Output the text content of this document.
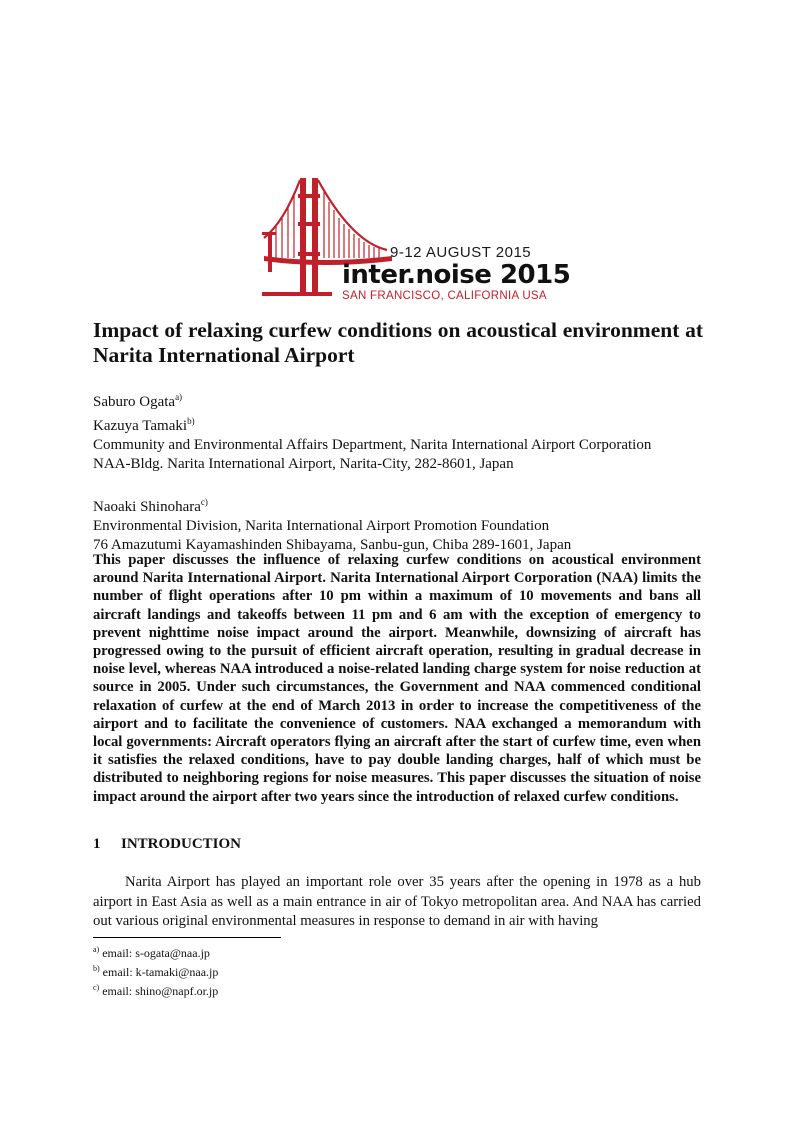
9-12 AUGUST 2015
inter.noise 2015
SAN FRANCISCO, CALIFORNIA USA
Impact of relaxing curfew conditions on acoustical environment at Narita International Airport

Saburo Ogata$^{a)}$

Kazuya Tamaki$^{b)}$

Community and Environmental Affairs Department, Narita International Airport Corporation

NAA-Bldg. Narita International Airport, Narita-City, 282-8601, Japan

Naoaki Shinohara$^{c)}$

Environmental Division, Narita International Airport Promotion Foundation

76 Amazutumi Kayamashinden Shibayama, Sanbu-gun, Chiba 289-1601, Japan

This paper discusses the influence of relaxing curfew conditions on acoustical environment around Narita International Airport. Narita International Airport Corporation (NAA) limits the number of flight operations after 10 pm within a maximum of 10 movements and bans all aircraft landings and takeoffs between 11 pm and 6 am with the exception of emergency to prevent nighttime noise impact around the airport. Meanwhile, downsizing of aircraft has progressed owing to the pursuit of efficient aircraft operation, resulting in gradual decrease in noise level, whereas NAA introduced a noise-related landing charge system for noise reduction at source in 2005. Under such circumstances, the Government and NAA commenced conditional relaxation of curfew at the end of March 2013 in order to increase the competitiveness of the airport and to facilitate the convenience of customers. NAA exchanged a memorandum with local governments: Aircraft operators flying an aircraft after the start of curfew time, even when it satisfies the relaxed conditions, have to pay double landing charges, half of which must be distributed to neighboring regions for noise measures. This paper discusses the situation of noise impact around the airport after two years since the introduction of relaxed curfew conditions.

1 INTRODUCTION

Narita Airport has played an important role over 35 years after the opening in 1978 as a hub airport in East Asia as well as a main entrance in air of Tokyo metropolitan area. And NAA has carried out various original environmental measures in response to demand in air with having

$^{a)}$ email: s-ogata@naa.jp
$^{b)}$ email: k-tamaki@naa.jp
$^{c)}$ email: shino@napf.or.jp
